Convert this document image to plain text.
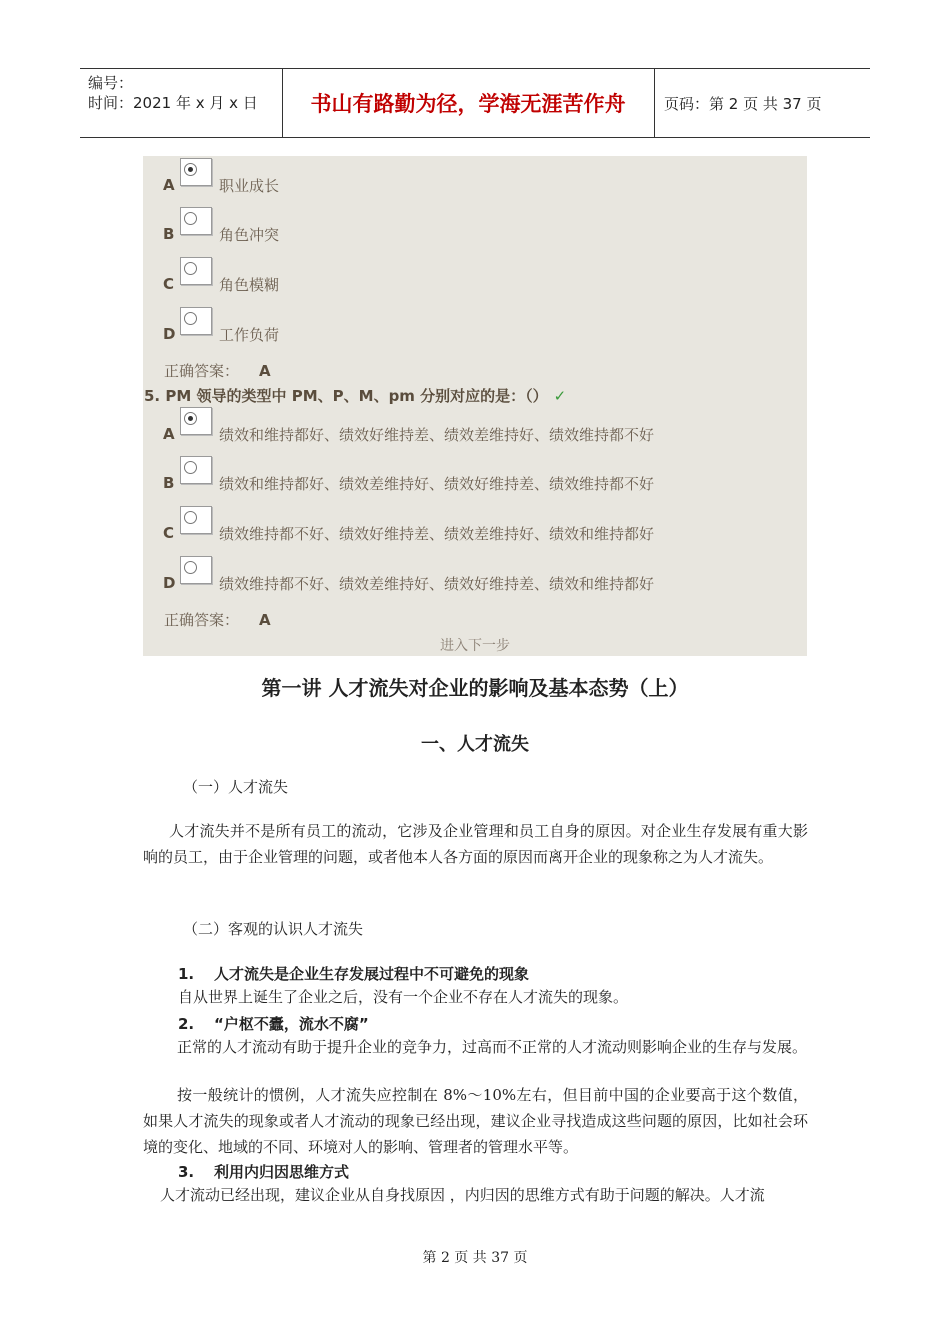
编号：
时间：2021 年 x 月 x 日	书山有路勤为径，学海无涯苦作舟	页码：第 2 页 共 37 页
A	职业成长
B	角色冲突
C	角色模糊
D	工作负荷
正确答案： A
5. PM 领导的类型中 PM、P、M、pm 分别对应的是：（） ✓
A	绩效和维持都好、绩效好维持差、绩效差维持好、绩效维持都不好
B	绩效和维持都好、绩效差维持好、绩效好维持差、绩效维持都不好
C	绩效维持都不好、绩效好维持差、绩效差维持好、绩效和维持都好
D	绩效维持都不好、绩效差维持好、绩效好维持差、绩效和维持都好
正确答案： A
进入下一步
第一讲 人才流失对企业的影响及基本态势（上）
一、人才流失
（一）人才流失
人才流失并不是所有员工的流动，它涉及企业管理和员工自身的原因。对企业生存发展有重大影响的员工，由于企业管理的问题，或者他本人各方面的原因而离开企业的现象称之为人才流失。
（二）客观的认识人才流失
1. 人才流失是企业生存发展过程中不可避免的现象
自从世界上诞生了企业之后，没有一个企业不存在人才流失的现象。
2. “户枢不蠹，流水不腐”
正常的人才流动有助于提升企业的竞争力，过高而不正常的人才流动则影响企业的生存与发展。
按一般统计的惯例，人才流失应控制在 8%～10%左右，但目前中国的企业要高于这个数值，如果人才流失的现象或者人才流动的现象已经出现，建议企业寻找造成这些问题的原因，比如社会环境的变化、地域的不同、环境对人的影响、管理者的管理水平等。
3. 利用内归因思维方式
人才流动已经出现，建议企业从自身找原因 ，内归因的思维方式有助于问题的解决。人才流
第 2 页 共 37 页
